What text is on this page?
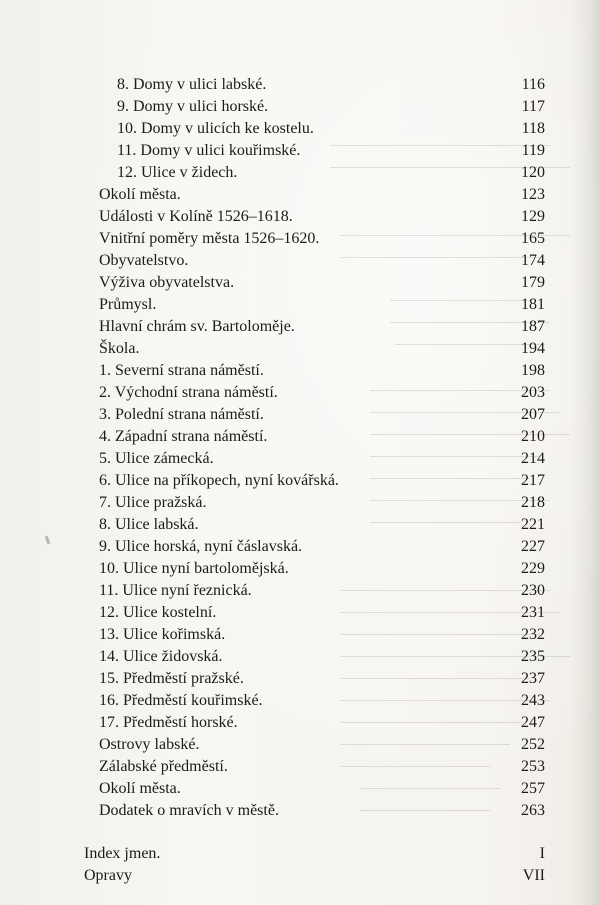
8. Domy v ulici labské.	116
9. Domy v ulici horské.	117
10. Domy v ulicích ke kostelu.	118
11. Domy v ulici kouřimské.	119
12. Ulice v židech.	120
Okolí města.	123
Události v Kolíně 1526–1618.	129
Vnitřní poměry města 1526–1620.	165
Obyvatelstvo.	174
Výživa obyvatelstva.	179
Průmysl.	181
Hlavní chrám sv. Bartoloměje.	187
Škola.	194
1. Severní strana náměstí.	198
2. Východní strana náměstí.	203
3. Polední strana náměstí.	207
4. Západní strana náměstí.	210
5. Ulice zámecká.	214
6. Ulice na příkopech, nyní kovářská.	217
7. Ulice pražská.	218
8. Ulice labská.	221
9. Ulice horská, nyní čáslavská.	227
10. Ulice nyní bartolomějská.	229
11. Ulice nyní řeznická.	230
12. Ulice kostelní.	231
13. Ulice kořimská.	232
14. Ulice židovská.	235
15. Předměstí pražské.	237
16. Předměstí kouřimské.	243
17. Předměstí horské.	247
Ostrovy labské.	252
Zálabské předměstí.	253
Okolí města.	257
Dodatek o mravích v městě.	263
Index jmen.	I
Opravy	VII
